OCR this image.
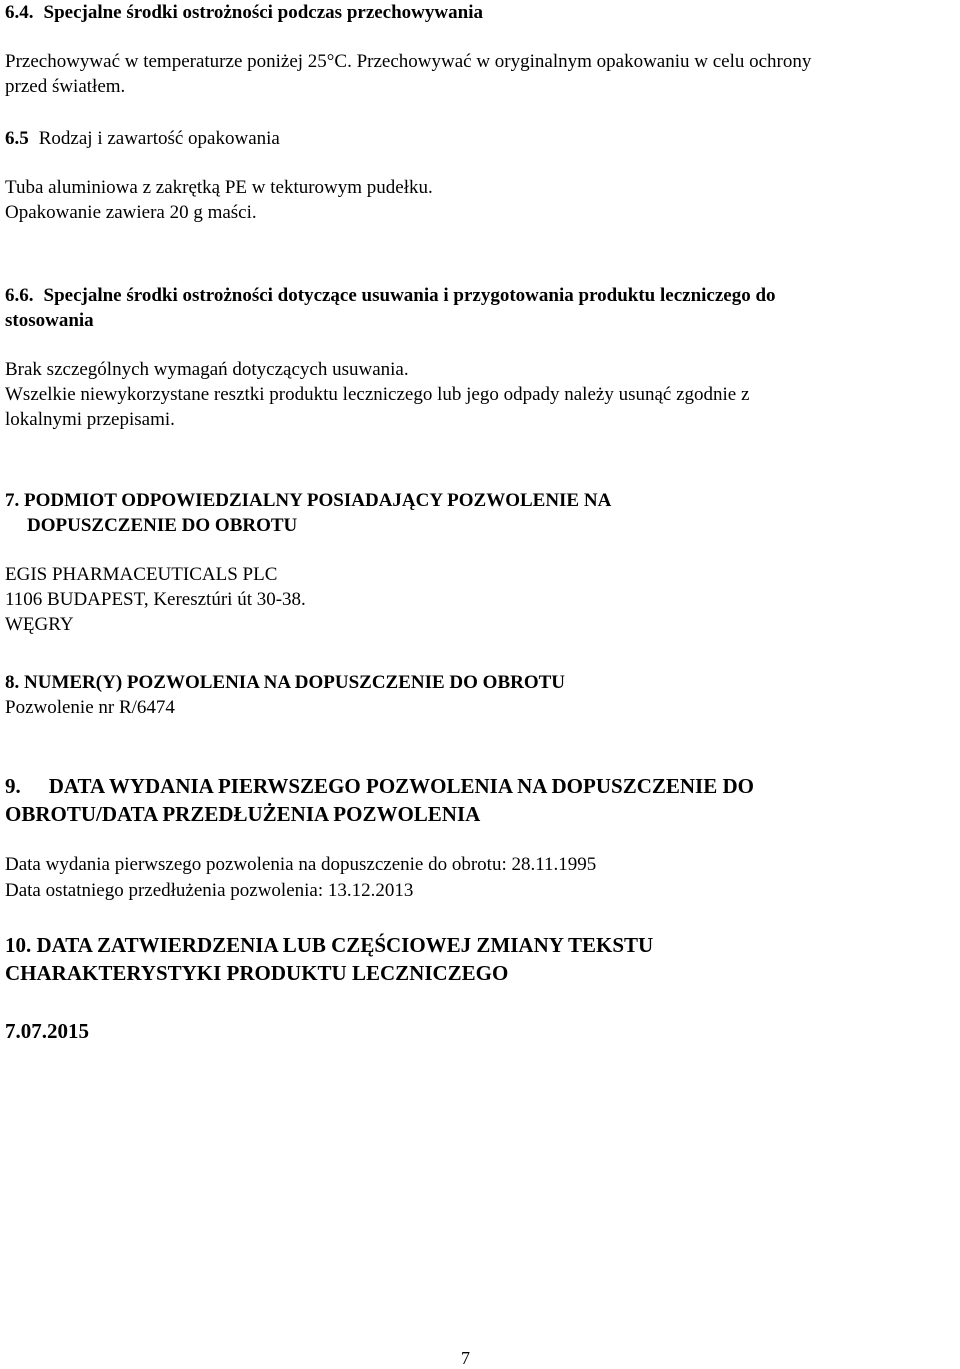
6.4. Specjalne środki ostrożności podczas przechowywania
Przechowywać w temperaturze poniżej 25°C. Przechowywać w oryginalnym opakowaniu w celu ochrony
przed światłem.
6.5 Rodzaj i zawartość opakowania
Tuba aluminiowa z zakrętką PE w tekturowym pudełku.
Opakowanie zawiera 20 g maści.
6.6. Specjalne środki ostrożności dotyczące usuwania i przygotowania produktu leczniczego do
stosowania
Brak szczególnych wymagań dotyczących usuwania.
Wszelkie niewykorzystane resztki produktu leczniczego lub jego odpady należy usunąć zgodnie z
lokalnymi przepisami.
7. PODMIOT ODPOWIEDZIALNY POSIADAJĄCY POZWOLENIE NA
DOPUSZCZENIE DO OBROTU
EGIS PHARMACEUTICALS PLC
1106 BUDAPEST, Keresztúri út 30-38.
WĘGRY
8. NUMER(Y) POZWOLENIA NA DOPUSZCZENIE DO OBROTU
Pozwolenie nr R/6474
9. DATA WYDANIA PIERWSZEGO POZWOLENIA NA DOPUSZCZENIE DO
OBROTU/DATA PRZEDŁUŻENIA POZWOLENIA
Data wydania pierwszego pozwolenia na dopuszczenie do obrotu: 28.11.1995
Data ostatniego przedłużenia pozwolenia: 13.12.2013
10. DATA ZATWIERDZENIA LUB CZĘŚCIOWEJ ZMIANY TEKSTU
CHARAKTERYSTYKI PRODUKTU LECZNICZEGO
7.07.2015
7
